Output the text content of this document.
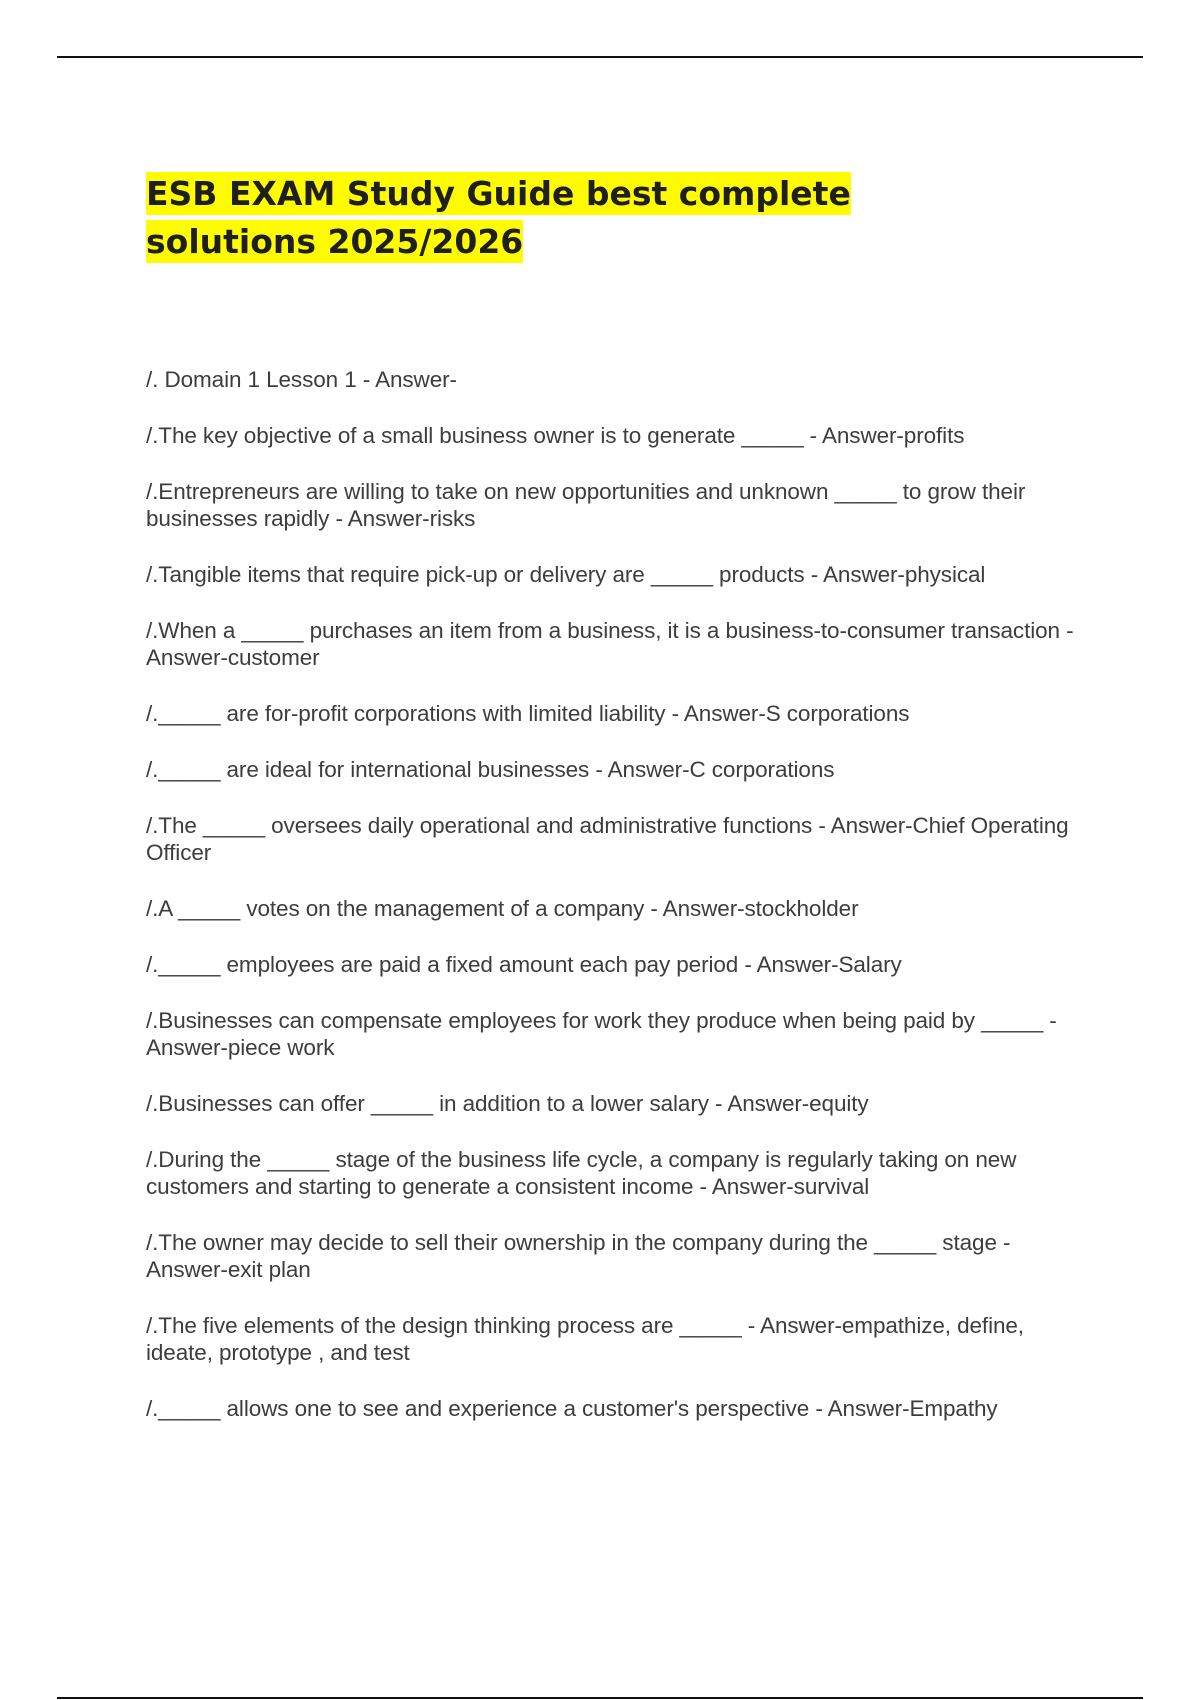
ESB EXAM Study Guide best complete solutions 2025/2026
/. Domain 1 Lesson 1 - Answer-
/.The key objective of a small business owner is to generate _____ - Answer-profits
/.Entrepreneurs are willing to take on new opportunities and unknown _____ to grow their businesses rapidly - Answer-risks
/.Tangible items that require pick-up or delivery are _____ products - Answer-physical
/.When a _____ purchases an item from a business, it is a business-to-consumer transaction - Answer-customer
/._____ are for-profit corporations with limited liability - Answer-S corporations
/._____ are ideal for international businesses - Answer-C corporations
/.The _____ oversees daily operational and administrative functions - Answer-Chief Operating Officer
/.A _____ votes on the management of a company - Answer-stockholder
/._____ employees are paid a fixed amount each pay period - Answer-Salary
/.Businesses can compensate employees for work they produce when being paid by _____ - Answer-piece work
/.Businesses can offer _____ in addition to a lower salary - Answer-equity
/.During the _____ stage of the business life cycle, a company is regularly taking on new customers and starting to generate a consistent income - Answer-survival
/.The owner may decide to sell their ownership in the company during the _____ stage - Answer-exit plan
/.The five elements of the design thinking process are _____ - Answer-empathize, define, ideate, prototype , and test
/._____ allows one to see and experience a customer's perspective - Answer-Empathy
